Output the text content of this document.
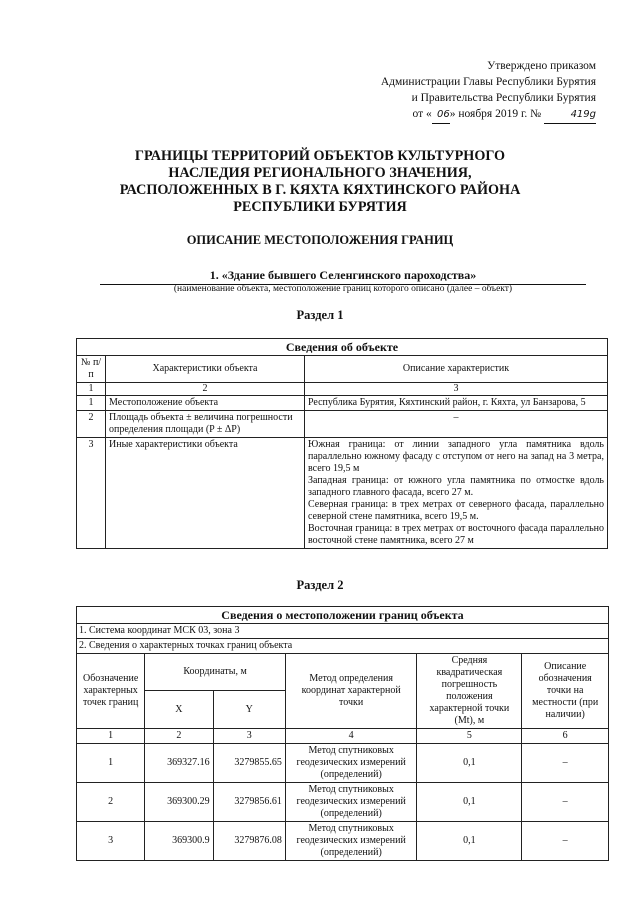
Утверждено приказом
Администрации Главы Республики Бурятия
и Правительства Республики Бурятия
от « 06» ноября 2019 г. №	419g
ГРАНИЦЫ ТЕРРИТОРИЙ ОБЪЕКТОВ КУЛЬТУРНОГО
НАСЛЕДИЯ РЕГИОНАЛЬНОГО ЗНАЧЕНИЯ,
РАСПОЛОЖЕННЫХ В Г. КЯХТА КЯХТИНСКОГО РАЙОНА
РЕСПУБЛИКИ БУРЯТИЯ
ОПИСАНИЕ МЕСТОПОЛОЖЕНИЯ ГРАНИЦ
1. «Здание бывшего Селенгинского пароходства»
(наименование объекта, местоположение границ которого описано (далее – объект)
Раздел 1
Сведения об объекте		
№ п/п	Характеристики объекта	Описание характеристик
1	2	3
1	Местоположение объекта	Республика Бурятия, Кяхтинский район, г. Кяхта, ул Банзарова, 5
2	Площадь объекта ± величина погрешности определения площади (P ± ΔP)	–
3	Иные характеристики объекта	Южная граница: от линии западного угла памятника вдоль параллельно южному фасаду с отступом от него на запад на 3 метра, всего 19,5 м

Западная граница: от южного угла памятника по отмостке вдоль западного главного фасада, всего 27 м.

Северная граница: в трех метрах от северного фасада, параллельно северной стене памятника, всего 19,5 м.

Восточная граница: в трех метрах от восточного фасада параллельно восточной стене памятника, всего 27 м

Раздел 2
Сведения о местоположении границ объекта					
1. Система координат МСК 03, зона 3					
2. Сведения о характерных точках границ объекта					
Обозначение характерных точек границ	Координаты, м		Метод определения координат характерной точки	Средняя квадратическая погрешность положения характерной точки (Mt), м	Описание обозначения точки на местности (при наличии)
	X	Y			
1	2	3	4	5	6
1	369327.16	3279855.65	Метод спутниковых геодезических измерений (определений)	0,1	–
2	369300.29	3279856.61	Метод спутниковых геодезических измерений (определений)	0,1	–
3	369300.9	3279876.08	Метод спутниковых геодезических измерений (определений)	0,1	–
